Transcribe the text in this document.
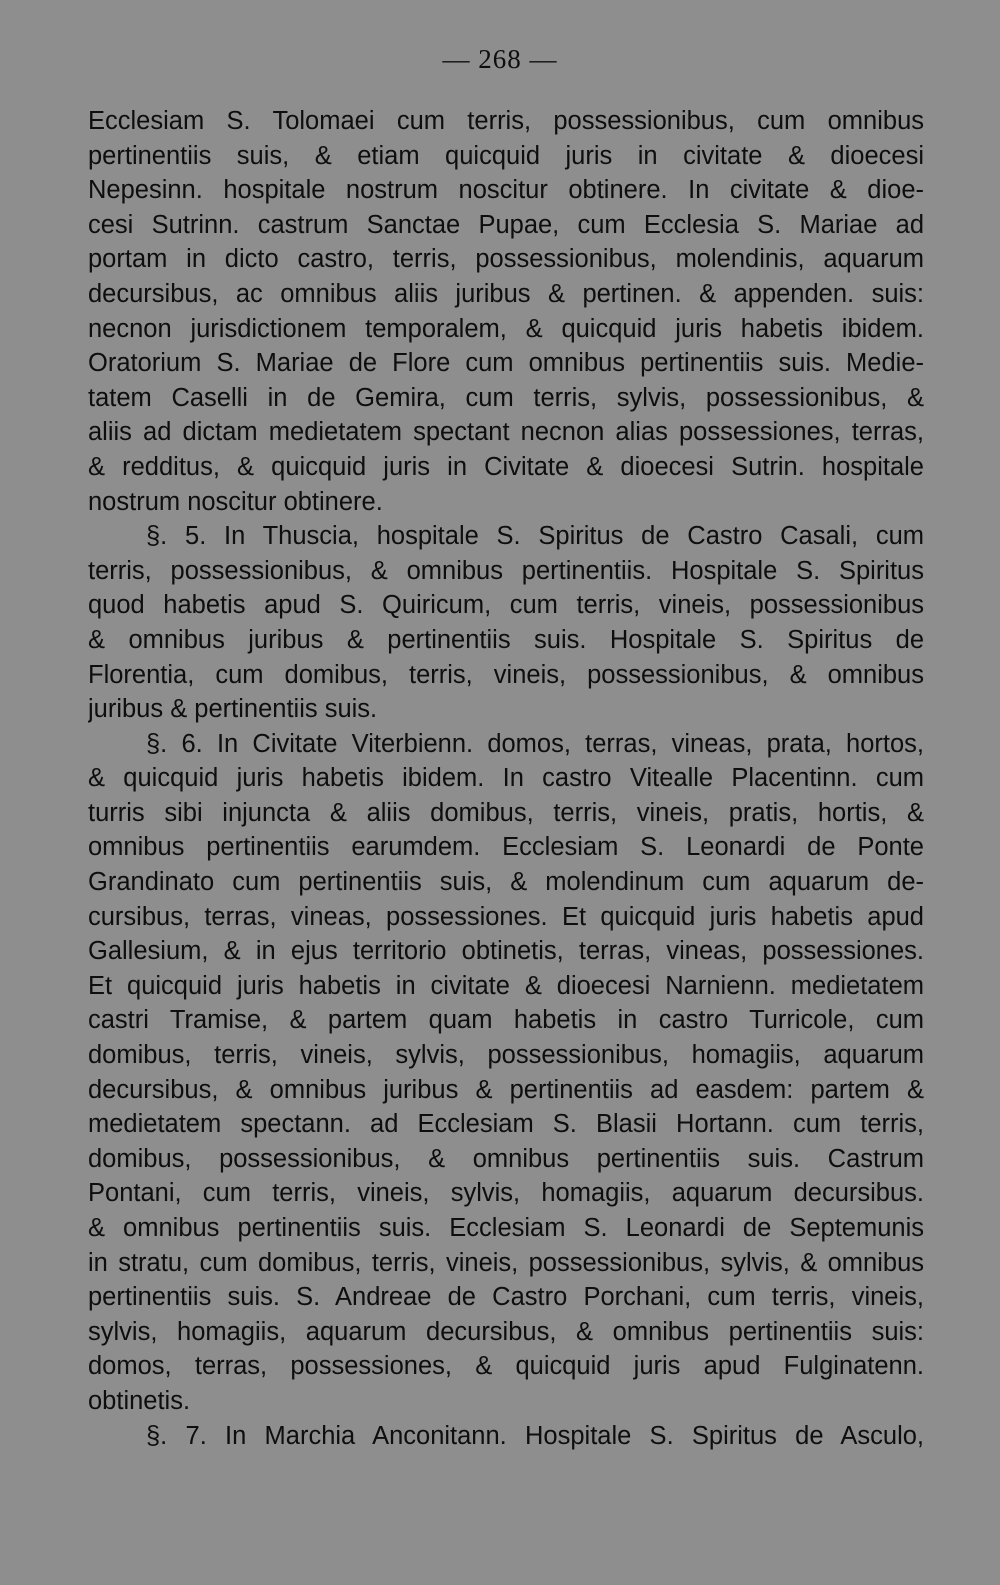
— 268 —
Ecclesiam S. Tolomaei cum terris, possessionibus, cum omnibus
pertinentiis suis, & etiam quicquid juris in civitate & dioecesi
Nepesinn. hospitale nostrum noscitur obtinere. In civitate & dioe-
cesi Sutrinn. castrum Sanctae Pupae, cum Ecclesia S. Mariae ad
portam in dicto castro, terris, possessionibus, molendinis, aquarum
decursibus, ac omnibus aliis juribus & pertinen. & appenden. suis:
necnon jurisdictionem temporalem, & quicquid juris habetis ibidem.
Oratorium S. Mariae de Flore cum omnibus pertinentiis suis. Medie-
tatem Caselli in de Gemira, cum terris, sylvis, possessionibus, &
aliis ad dictam medietatem spectant necnon alias possessiones, terras,
& redditus, & quicquid juris in Civitate & dioecesi Sutrin. hospitale
nostrum noscitur obtinere.
§. 5. In Thuscia, hospitale S. Spiritus de Castro Casali, cum
terris, possessionibus, & omnibus pertinentiis. Hospitale S. Spiritus
quod habetis apud S. Quiricum, cum terris, vineis, possessionibus
& omnibus juribus & pertinentiis suis. Hospitale S. Spiritus de
Florentia, cum domibus, terris, vineis, possessionibus, & omnibus
juribus & pertinentiis suis.
§. 6. In Civitate Viterbienn. domos, terras, vineas, prata, hortos,
& quicquid juris habetis ibidem. In castro Vitealle Placentinn. cum
turris sibi injuncta & aliis domibus, terris, vineis, pratis, hortis, &
omnibus pertinentiis earumdem. Ecclesiam S. Leonardi de Ponte
Grandinato cum pertinentiis suis, & molendinum cum aquarum de-
cursibus, terras, vineas, possessiones. Et quicquid juris habetis apud
Gallesium, & in ejus territorio obtinetis, terras, vineas, possessiones.
Et quicquid juris habetis in civitate & dioecesi Narnienn. medietatem
castri Tramise, & partem quam habetis in castro Turricole, cum
domibus, terris, vineis, sylvis, possessionibus, homagiis, aquarum
decursibus, & omnibus juribus & pertinentiis ad easdem: partem &
medietatem spectann. ad Ecclesiam S. Blasii Hortann. cum terris,
domibus, possessionibus, & omnibus pertinentiis suis. Castrum
Pontani, cum terris, vineis, sylvis, homagiis, aquarum decursibus.
& omnibus pertinentiis suis. Ecclesiam S. Leonardi de Septemunis
in stratu, cum domibus, terris, vineis, possessionibus, sylvis, & omnibus
pertinentiis suis. S. Andreae de Castro Porchani, cum terris, vineis,
sylvis, homagiis, aquarum decursibus, & omnibus pertinentiis suis:
domos, terras, possessiones, & quicquid juris apud Fulginatenn.
obtinetis.
§. 7. In Marchia Anconitann. Hospitale S. Spiritus de Asculo,
